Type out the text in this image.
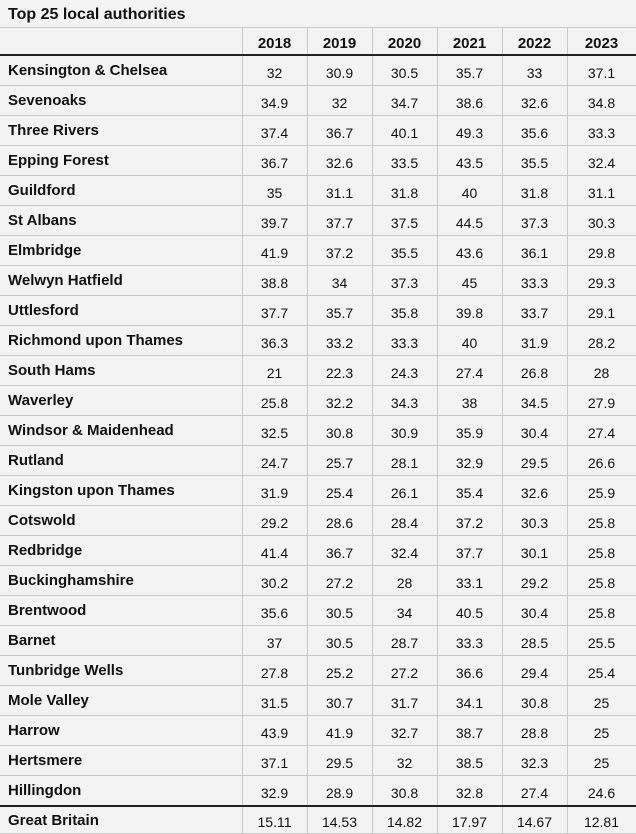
Top 25 local authorities
	2018	2019	2020	2021	2022	2023
Kensington & Chelsea	32	30.9	30.5	35.7	33	37.1
Sevenoaks	34.9	32	34.7	38.6	32.6	34.8
Three Rivers	37.4	36.7	40.1	49.3	35.6	33.3
Epping Forest	36.7	32.6	33.5	43.5	35.5	32.4
Guildford	35	31.1	31.8	40	31.8	31.1
St Albans	39.7	37.7	37.5	44.5	37.3	30.3
Elmbridge	41.9	37.2	35.5	43.6	36.1	29.8
Welwyn Hatfield	38.8	34	37.3	45	33.3	29.3
Uttlesford	37.7	35.7	35.8	39.8	33.7	29.1
Richmond upon Thames	36.3	33.2	33.3	40	31.9	28.2
South Hams	21	22.3	24.3	27.4	26.8	28
Waverley	25.8	32.2	34.3	38	34.5	27.9
Windsor & Maidenhead	32.5	30.8	30.9	35.9	30.4	27.4
Rutland	24.7	25.7	28.1	32.9	29.5	26.6
Kingston upon Thames	31.9	25.4	26.1	35.4	32.6	25.9
Cotswold	29.2	28.6	28.4	37.2	30.3	25.8
Redbridge	41.4	36.7	32.4	37.7	30.1	25.8
Buckinghamshire	30.2	27.2	28	33.1	29.2	25.8
Brentwood	35.6	30.5	34	40.5	30.4	25.8
Barnet	37	30.5	28.7	33.3	28.5	25.5
Tunbridge Wells	27.8	25.2	27.2	36.6	29.4	25.4
Mole Valley	31.5	30.7	31.7	34.1	30.8	25
Harrow	43.9	41.9	32.7	38.7	28.8	25
Hertsmere	37.1	29.5	32	38.5	32.3	25
Hillingdon	32.9	28.9	30.8	32.8	27.4	24.6
Great Britain	15.11	14.53	14.82	17.97	14.67	12.81
